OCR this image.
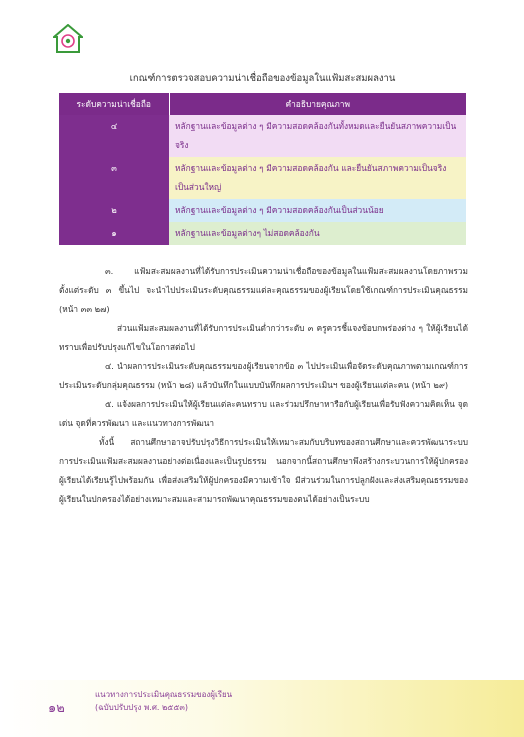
เกณฑ์การตรวจสอบความน่าเชื่อถือของข้อมูลในแฟ้มสะสมผลงาน
ระดับความน่าเชื่อถือ	คำอธิบายคุณภาพ
๔	หลักฐานและข้อมูลต่าง ๆ มีความสอดคล้องกันทั้งหมดและยืนยันสภาพความเป็นจริง
๓	หลักฐานและข้อมูลต่าง ๆ มีความสอดคล้องกัน และยืนยันสภาพความเป็นจริงเป็นส่วนใหญ่
๒	หลักฐานและข้อมูลต่าง ๆ มีความสอดคล้องกันเป็นส่วนน้อย
๑	หลักฐานและข้อมูลต่างๆ ไม่สอดคล้องกัน

๓. แฟ้มสะสมผลงานที่ได้รับการประเมินความน่าเชื่อถือของข้อมูลในแฟ้มสะสมผลงานโดยภาพรวมตั้งแต่ระดับ ๓ ขึ้นไป จะนำไปประเมินระดับคุณธรรมแต่ละคุณธรรมของผู้เรียนโดยใช้เกณฑ์การประเมินคุณธรรม (หน้า ๓๓ ๒๗)

ส่วนแฟ้มสะสมผลงานที่ได้รับการประเมินต่ำกว่าระดับ ๓ ครูควรชี้แจงข้อบกพร่องต่าง ๆ ให้ผู้เรียนได้ทราบเพื่อปรับปรุงแก้ไขในโอกาสต่อไป

๔. นำผลการประเมินระดับคุณธรรมของผู้เรียนจากข้อ ๓ ไปประเมินเพื่อจัดระดับคุณภาพตามเกณฑ์การประเมินระดับกลุ่มคุณธรรม (หน้า ๒๘) แล้วบันทึกในแบบบันทึกผลการประเมินฯ ของผู้เรียนแต่ละคน (หน้า ๒๙)

๕. แจ้งผลการประเมินให้ผู้เรียนแต่ละคนทราบ และร่วมปรึกษาหารือกับผู้เรียนเพื่อรับฟังความคิดเห็น จุดเด่น จุดที่ควรพัฒนา และแนวทางการพัฒนา

ทั้งนี้ สถานศึกษาอาจปรับปรุงวิธีการประเมินให้เหมาะสมกับบริบทของสถานศึกษาและควรพัฒนาระบบการประเมินแฟ้มสะสมผลงานอย่างต่อเนื่องและเป็นรูปธรรม นอกจากนี้สถานศึกษาพึงสร้างกระบวนการให้ผู้ปกครอง ผู้เรียนได้เรียนรู้ไปพร้อมกัน เพื่อส่งเสริมให้ผู้ปกครองมีความเข้าใจ มีส่วนร่วมในการปลูกฝังและส่งเสริมคุณธรรมของผู้เรียนในปกครองได้อย่างเหมาะสมและสามารถพัฒนาคุณธรรมของตนได้อย่างเป็นระบบ

๑๒
แนวทางการประเมินคุณธรรมของผู้เรียน
(ฉบับปรับปรุง พ.ศ. ๒๕๕๓)
